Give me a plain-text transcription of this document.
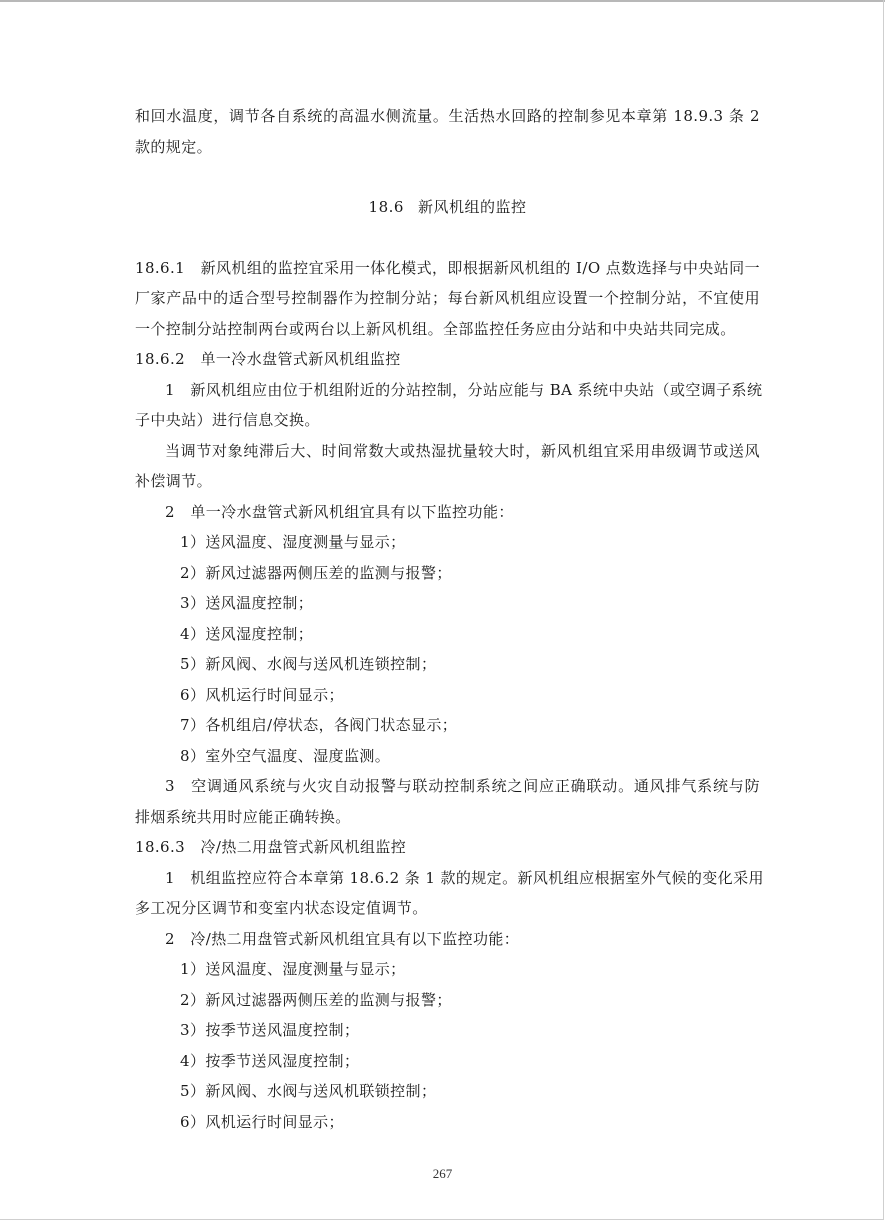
和回水温度，调节各自系统的高温水侧流量。生活热水回路的控制参见本章第 18.9.3 条 2
款的规定。
18.6 新风机组的监控
18.6.1　新风机组的监控宜采用一体化模式，即根据新风机组的 I/O 点数选择与中央站同一
厂家产品中的适合型号控制器作为控制分站；每台新风机组应设置一个控制分站，不宜使用
一个控制分站控制两台或两台以上新风机组。全部监控任务应由分站和中央站共同完成。
18.6.2　单一冷水盘管式新风机组监控
1　新风机组应由位于机组附近的分站控制，分站应能与 BA 系统中央站（或空调子系统
子中央站）进行信息交换。
当调节对象纯滞后大、时间常数大或热湿扰量较大时，新风机组宜采用串级调节或送风
补偿调节。
2　单一冷水盘管式新风机组宜具有以下监控功能：
1）送风温度、湿度测量与显示；
2）新风过滤器两侧压差的监测与报警；
3）送风温度控制；
4）送风湿度控制；
5）新风阀、水阀与送风机连锁控制；
6）风机运行时间显示；
7）各机组启/停状态，各阀门状态显示；
8）室外空气温度、湿度监测。
3　空调通风系统与火灾自动报警与联动控制系统之间应正确联动。通风排气系统与防
排烟系统共用时应能正确转换。
18.6.3　冷/热二用盘管式新风机组监控
1　机组监控应符合本章第 18.6.2 条 1 款的规定。新风机组应根据室外气候的变化采用
多工况分区调节和变室内状态设定值调节。
2　冷/热二用盘管式新风机组宜具有以下监控功能：
1）送风温度、湿度测量与显示；
2）新风过滤器两侧压差的监测与报警；
3）按季节送风温度控制；
4）按季节送风湿度控制；
5）新风阀、水阀与送风机联锁控制；
6）风机运行时间显示；
267
